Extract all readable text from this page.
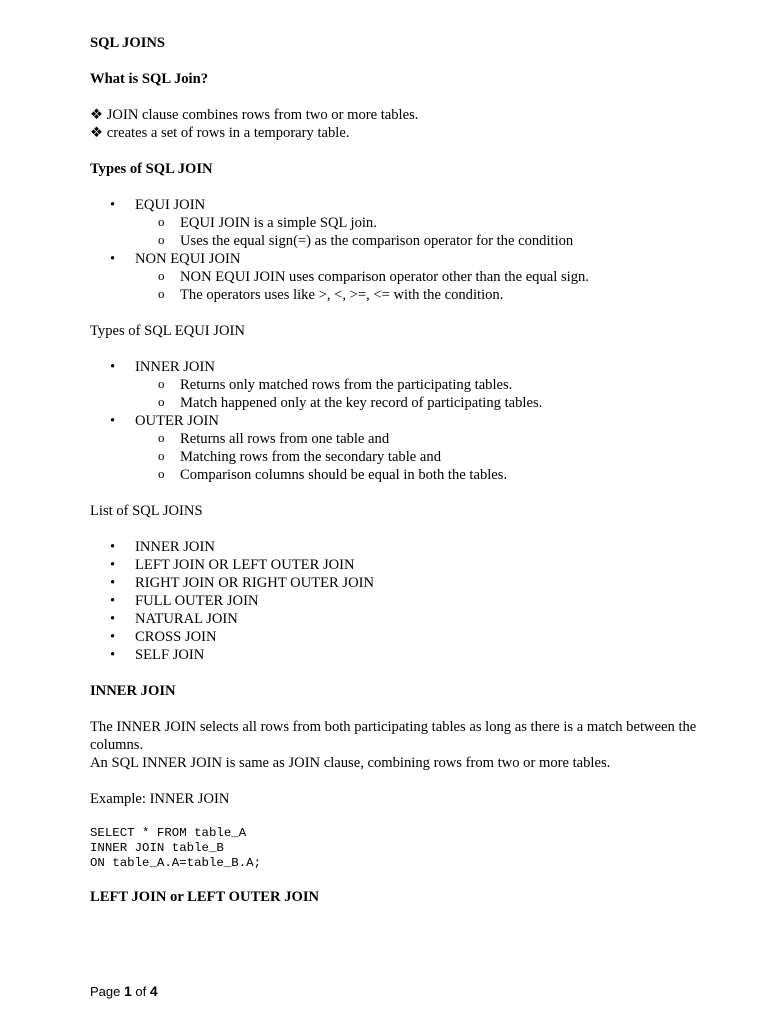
SQL JOINS

What is SQL Join?

❖ JOIN clause combines rows from two or more tables.

❖ creates a set of rows in a temporary table.

Types of SQL JOIN

•	EQUI JOIN
o EQUI JOIN is a simple SQL join.
o Uses the equal sign(=) as the comparison operator for the condition
•	NON EQUI JOIN
o NON EQUI JOIN uses comparison operator other than the equal sign.
o The operators uses like >, <, >=, <= with the condition.

Types of SQL EQUI JOIN

•	INNER JOIN
o Returns only matched rows from the participating tables.
o Match happened only at the key record of participating tables.
•	OUTER JOIN
o Returns all rows from one table and
o Matching rows from the secondary table and
o Comparison columns should be equal in both the tables.

List of SQL JOINS

•	INNER JOIN
•	LEFT JOIN OR LEFT OUTER JOIN
•	RIGHT JOIN OR RIGHT OUTER JOIN
•	FULL OUTER JOIN
•	NATURAL JOIN
•	CROSS JOIN
•	SELF JOIN

INNER JOIN

The INNER JOIN selects all rows from both participating tables as long as there is a match between the columns.

An SQL INNER JOIN is same as JOIN clause, combining rows from two or more tables.

Example: INNER JOIN

SELECT * FROM table_A
INNER JOIN table_B
ON table_A.A=table_B.A;

LEFT JOIN or LEFT OUTER JOIN

Page 1 of 4
